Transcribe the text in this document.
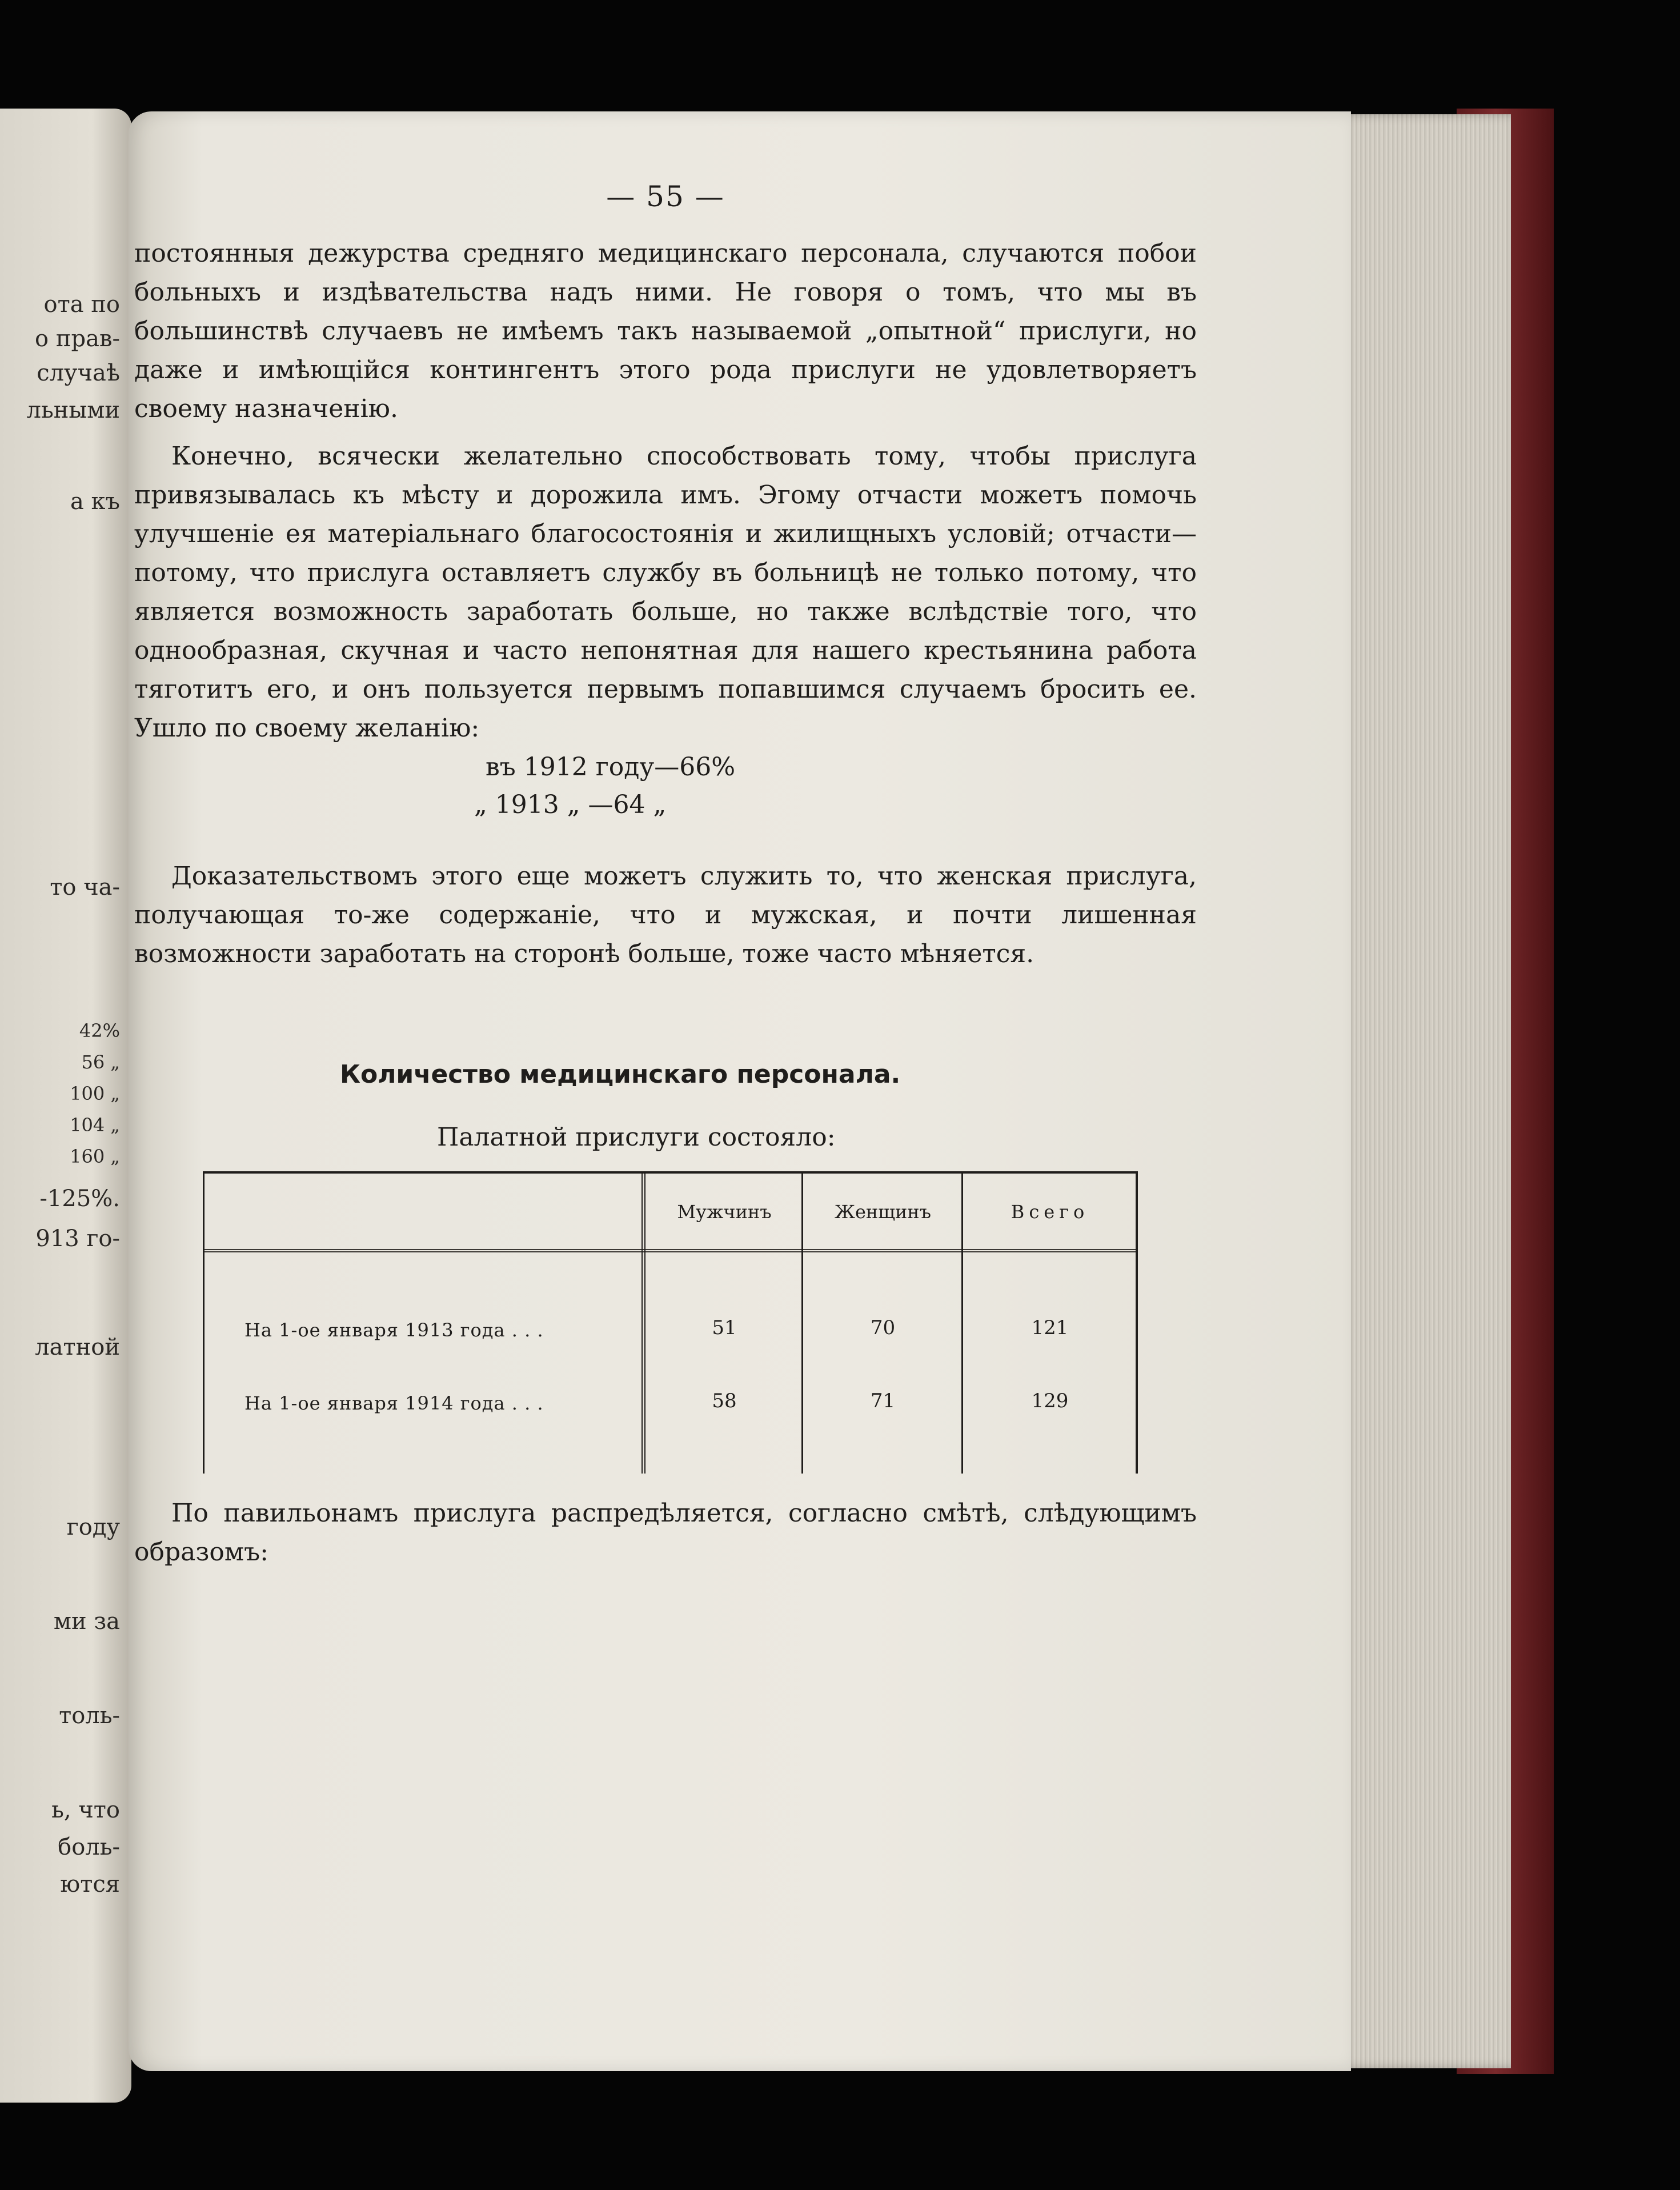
ота по
о прав-
случаѣ
льными
а къ
то ча-
42%
56 „
100 „
104 „
160 „
-125%.
913 го-
латной
году
ми за
толь-
ь, что
боль-
ются
— 55 —

постоянныя дежурства средняго медицинскаго персонала, случаются побои больныхъ и издѣвательства надъ ними. Не говоря о томъ, что мы въ большинствѣ случаевъ не имѣемъ такъ называемой „опытной“ прислуги, но даже и имѣющійся контингентъ этого рода прислуги не удовлетворяетъ своему назначенію.

Конечно, всячески желательно способствовать тому, чтобы прислуга привязывалась къ мѣсту и дорожила имъ. Эгому отчасти можетъ помочь улучшеніе ея матеріальнаго благосостоянія и жилищныхъ условій; отчасти—потому, что прислуга оставляетъ службу въ больницѣ не только потому, что является возможность заработать больше, но также вслѣдствіе того, что однообразная, скучная и часто непонятная для нашего крестьянина работа тяготитъ его, и онъ пользуется первымъ попавшимся случаемъ бросить ее. Ушло по своему желанію:

въ 1912 году—66%
„ 1913 „ —64 „

Доказательствомъ этого еще можетъ служить то, что женская прислуга, получающая то-же содержаніе, что и мужская, и почти лишенная возможности заработать на сторонѣ больше, тоже часто мѣняется.

Количество медицинскаго персонала.
Палатной прислуги состояло:
Мужчинъ	Женщинъ	Всего
На 1-ое января 1913 года . . .	51	70	121
На 1-ое января 1914 года . . .	58	71	129

По павильонамъ прислуга распредѣляется, согласно смѣтѣ, слѣдующимъ образомъ:
